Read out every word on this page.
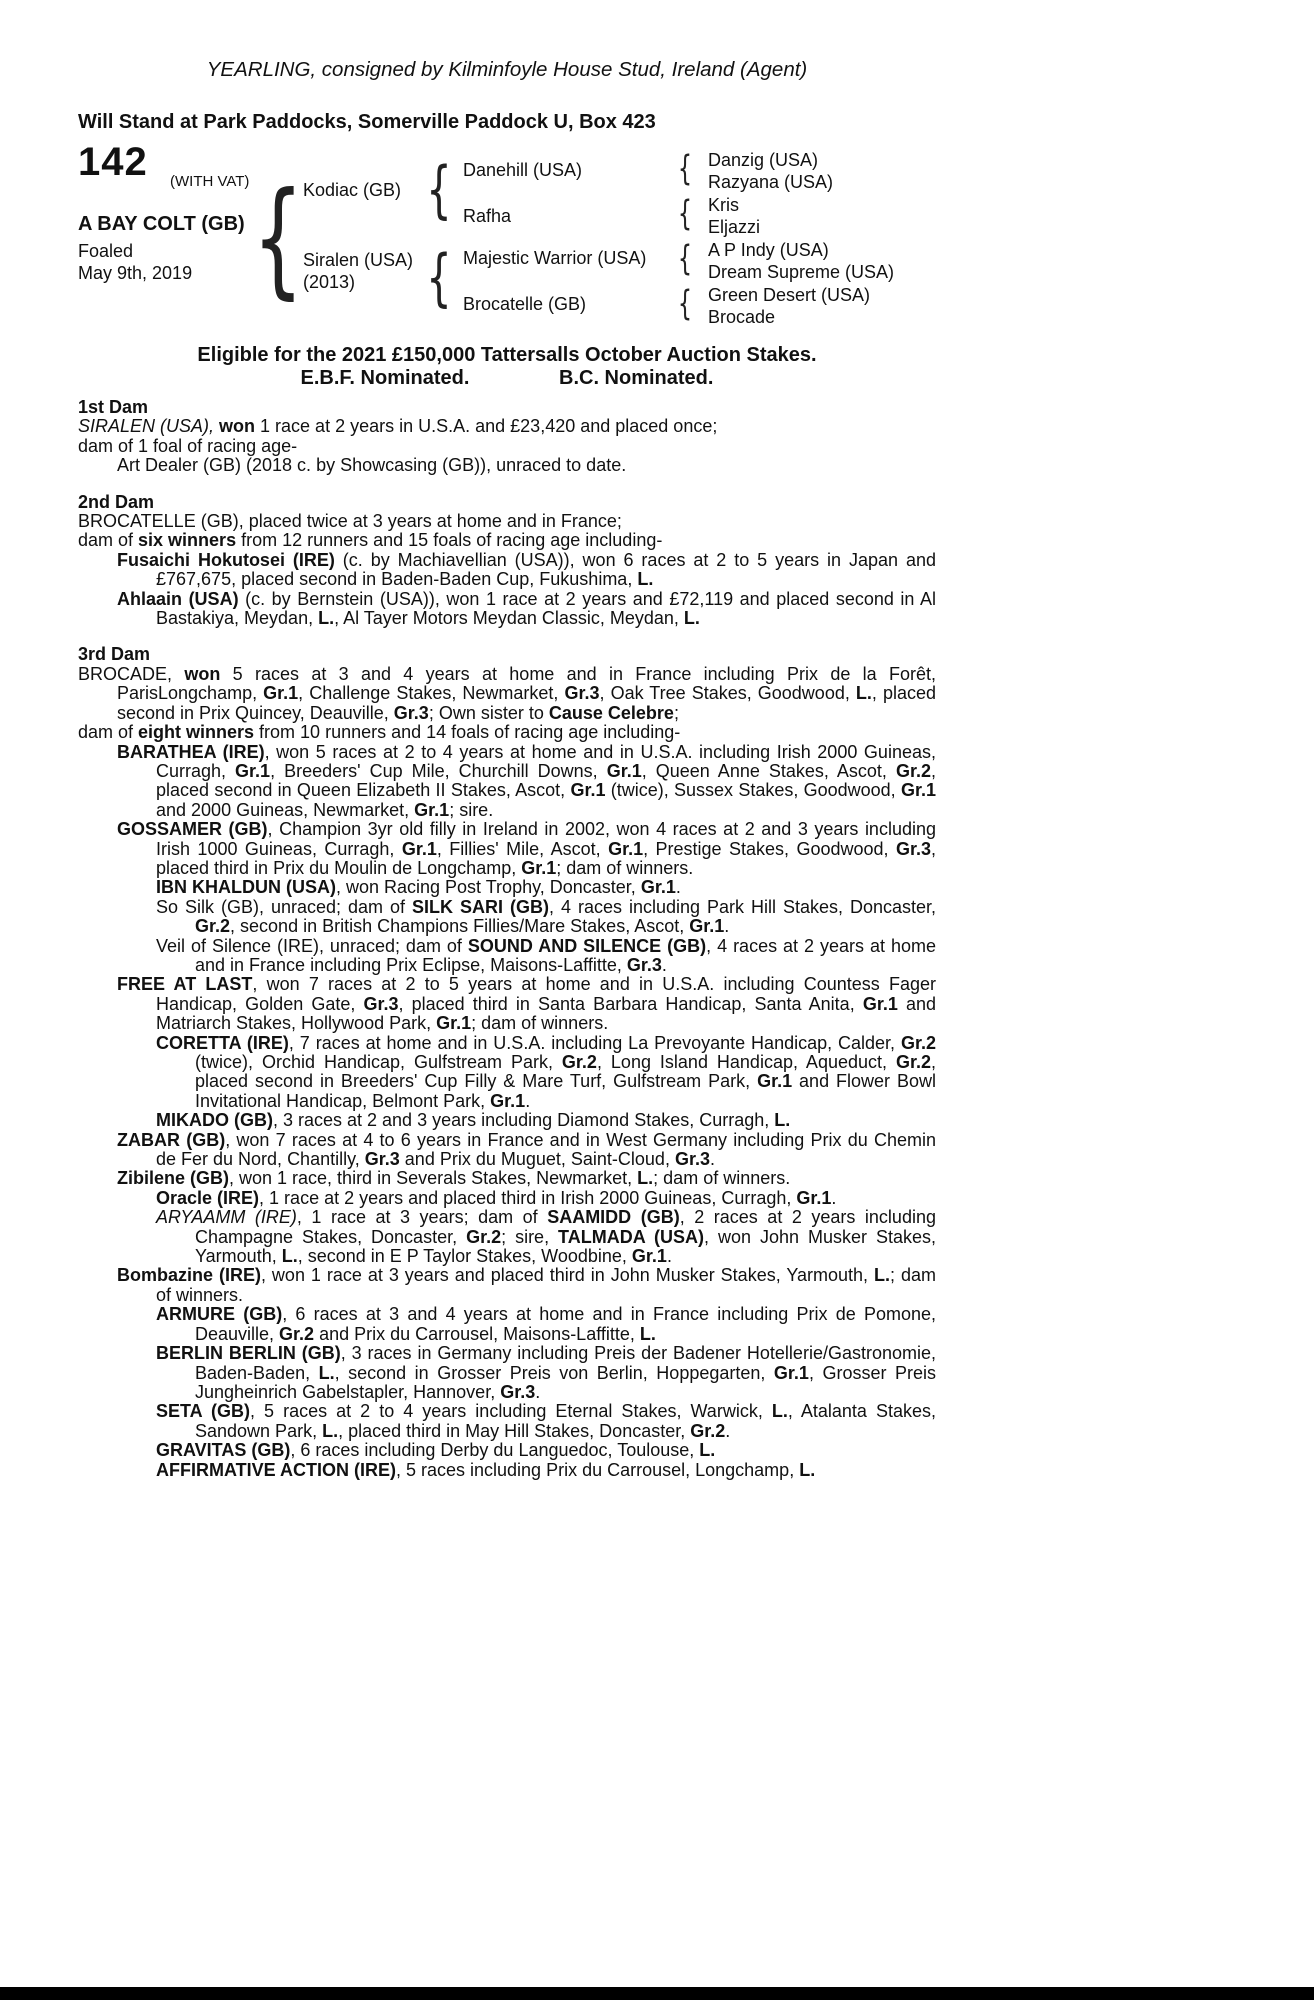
YEARLING, consigned by Kilminfoyle House Stud, Ireland (Agent)
Will Stand at Park Paddocks, Somerville Paddock U, Box 423
142 (WITH VAT)
A BAY COLT (GB)
Foaled
May 9th, 2019 { Kodiac (GB)
Siralen (USA)
(2013)
{
{
Danehill (USA)
Rafha
Majestic Warrior (USA)
Brocatelle (GB)
{
{
{
{
Danzig (USA)
Razyana (USA)
Kris
Eljazzi
A P Indy (USA)
Dream Supreme (USA)
Green Desert (USA)
Brocade
Eligible for the 2021 £150,000 Tattersalls October Auction Stakes.
E.B.F. Nominated.	B.C. Nominated.
1st Dam

SIRALEN (USA), won 1 race at 2 years in U.S.A. and £23,420 and placed once;

dam of 1 foal of racing age-

Art Dealer (GB) (2018 c. by Showcasing (GB)), unraced to date.

2nd Dam

BROCATELLE (GB), placed twice at 3 years at home and in France;

dam of six winners from 12 runners and 15 foals of racing age including-

Fusaichi Hokutosei (IRE) (c. by Machiavellian (USA)), won 6 races at 2 to 5 years in Japan and £767,675, placed second in Baden-Baden Cup, Fukushima, L.

Ahlaain (USA) (c. by Bernstein (USA)), won 1 race at 2 years and £72,119 and placed second in Al Bastakiya, Meydan, L., Al Tayer Motors Meydan Classic, Meydan, L.

3rd Dam

BROCADE, won 5 races at 3 and 4 years at home and in France including Prix de la Forêt, ParisLongchamp, Gr.1, Challenge Stakes, Newmarket, Gr.3, Oak Tree Stakes, Goodwood, L., placed second in Prix Quincey, Deauville, Gr.3; Own sister to Cause Celebre;

dam of eight winners from 10 runners and 14 foals of racing age including-

BARATHEA (IRE), won 5 races at 2 to 4 years at home and in U.S.A. including Irish 2000 Guineas, Curragh, Gr.1, Breeders' Cup Mile, Churchill Downs, Gr.1, Queen Anne Stakes, Ascot, Gr.2, placed second in Queen Elizabeth II Stakes, Ascot, Gr.1 (twice), Sussex Stakes, Goodwood, Gr.1 and 2000 Guineas, Newmarket, Gr.1; sire.

GOSSAMER (GB), Champion 3yr old filly in Ireland in 2002, won 4 races at 2 and 3 years including Irish 1000 Guineas, Curragh, Gr.1, Fillies' Mile, Ascot, Gr.1, Prestige Stakes, Goodwood, Gr.3, placed third in Prix du Moulin de Longchamp, Gr.1; dam of winners.

IBN KHALDUN (USA), won Racing Post Trophy, Doncaster, Gr.1.

So Silk (GB), unraced; dam of SILK SARI (GB), 4 races including Park Hill Stakes, Doncaster, Gr.2, second in British Champions Fillies/Mare Stakes, Ascot, Gr.1.

Veil of Silence (IRE), unraced; dam of SOUND AND SILENCE (GB), 4 races at 2 years at home and in France including Prix Eclipse, Maisons-Laffitte, Gr.3.

FREE AT LAST, won 7 races at 2 to 5 years at home and in U.S.A. including Countess Fager Handicap, Golden Gate, Gr.3, placed third in Santa Barbara Handicap, Santa Anita, Gr.1 and Matriarch Stakes, Hollywood Park, Gr.1; dam of winners.

CORETTA (IRE), 7 races at home and in U.S.A. including La Prevoyante Handicap, Calder, Gr.2 (twice), Orchid Handicap, Gulfstream Park, Gr.2, Long Island Handicap, Aqueduct, Gr.2, placed second in Breeders' Cup Filly & Mare Turf, Gulfstream Park, Gr.1 and Flower Bowl Invitational Handicap, Belmont Park, Gr.1.

MIKADO (GB), 3 races at 2 and 3 years including Diamond Stakes, Curragh, L.

ZABAR (GB), won 7 races at 4 to 6 years in France and in West Germany including Prix du Chemin de Fer du Nord, Chantilly, Gr.3 and Prix du Muguet, Saint-Cloud, Gr.3.

Zibilene (GB), won 1 race, third in Severals Stakes, Newmarket, L.; dam of winners.

Oracle (IRE), 1 race at 2 years and placed third in Irish 2000 Guineas, Curragh, Gr.1.

ARYAAMM (IRE), 1 race at 3 years; dam of SAAMIDD (GB), 2 races at 2 years including Champagne Stakes, Doncaster, Gr.2; sire, TALMADA (USA), won John Musker Stakes, Yarmouth, L., second in E P Taylor Stakes, Woodbine, Gr.1.

Bombazine (IRE), won 1 race at 3 years and placed third in John Musker Stakes, Yarmouth, L.; dam of winners.

ARMURE (GB), 6 races at 3 and 4 years at home and in France including Prix de Pomone, Deauville, Gr.2 and Prix du Carrousel, Maisons-Laffitte, L.

BERLIN BERLIN (GB), 3 races in Germany including Preis der Badener Hotellerie/Gastronomie, Baden-Baden, L., second in Grosser Preis von Berlin, Hoppegarten, Gr.1, Grosser Preis Jungheinrich Gabelstapler, Hannover, Gr.3.

SETA (GB), 5 races at 2 to 4 years including Eternal Stakes, Warwick, L., Atalanta Stakes, Sandown Park, L., placed third in May Hill Stakes, Doncaster, Gr.2.

GRAVITAS (GB), 6 races including Derby du Languedoc, Toulouse, L.

AFFIRMATIVE ACTION (IRE), 5 races including Prix du Carrousel, Longchamp, L.
